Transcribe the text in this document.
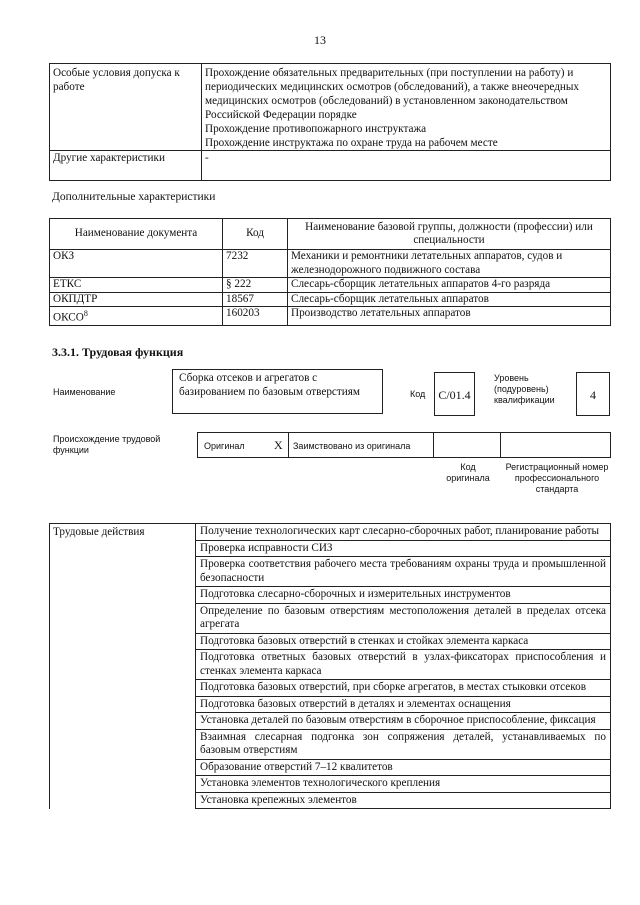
13
Особые условия допуска к работе	Прохождение обязательных предварительных (при поступлении на работу) и периодических медицинских осмотров (обследований), а также внеочередных медицинских осмотров (обследований) в установленном законодательством Российской Федерации порядке
Прохождение противопожарного инструктажа
Прохождение инструктажа по охране труда на рабочем месте

Другие характеристики	-
Дополнительные характеристики
Наименование документа	Код	Наименование базовой группы, должности (профессии) или специальности
ОКЗ	7232	Механики и ремонтники летательных аппаратов, судов и железнодорожного подвижного состава
ЕТКС	§ 222	Слесарь-сборщик летательных аппаратов 4-го разряда
ОКПДТР	18567	Слесарь-сборщик летательных аппаратов
ОКСО$^8$	160203	Производство летательных аппаратов
3.3.1. Трудовая функция
Наименование
Сборка отсеков и агрегатов с базированием по базовым отверстиям	Код	С/01.4
Уровень (подуровень) квалификации	4
Происхождение трудовой функции	Оригинал X Заимствовано из оригинала
Код оригинала
Регистрационный номер профессионального стандарта
Трудовые действия	Получение технологических карт слесарно-сборочных работ, планирование работы
Проверка исправности СИЗ
Проверка соответствия рабочего места требованиям охраны труда и промышленной безопасности
Подготовка слесарно-сборочных и измерительных инструментов
Определение по базовым отверстиям местоположения деталей в пределах отсека агрегата
Подготовка базовых отверстий в стенках и стойках элемента каркаса
Подготовка ответных базовых отверстий в узлах-фиксаторах приспособления и стенках элемента каркаса
Подготовка базовых отверстий, при сборке агрегатов, в местах стыковки отсеков
Подготовка базовых отверстий в деталях и элементах оснащения
Установка деталей по базовым отверстиям в сборочное приспособление, фиксация
Взаимная слесарная подгонка зон сопряжения деталей, устанавливаемых по базовым отверстиям
Образование отверстий 7–12 квалитетов
Установка элементов технологического крепления
Установка крепежных элементов
